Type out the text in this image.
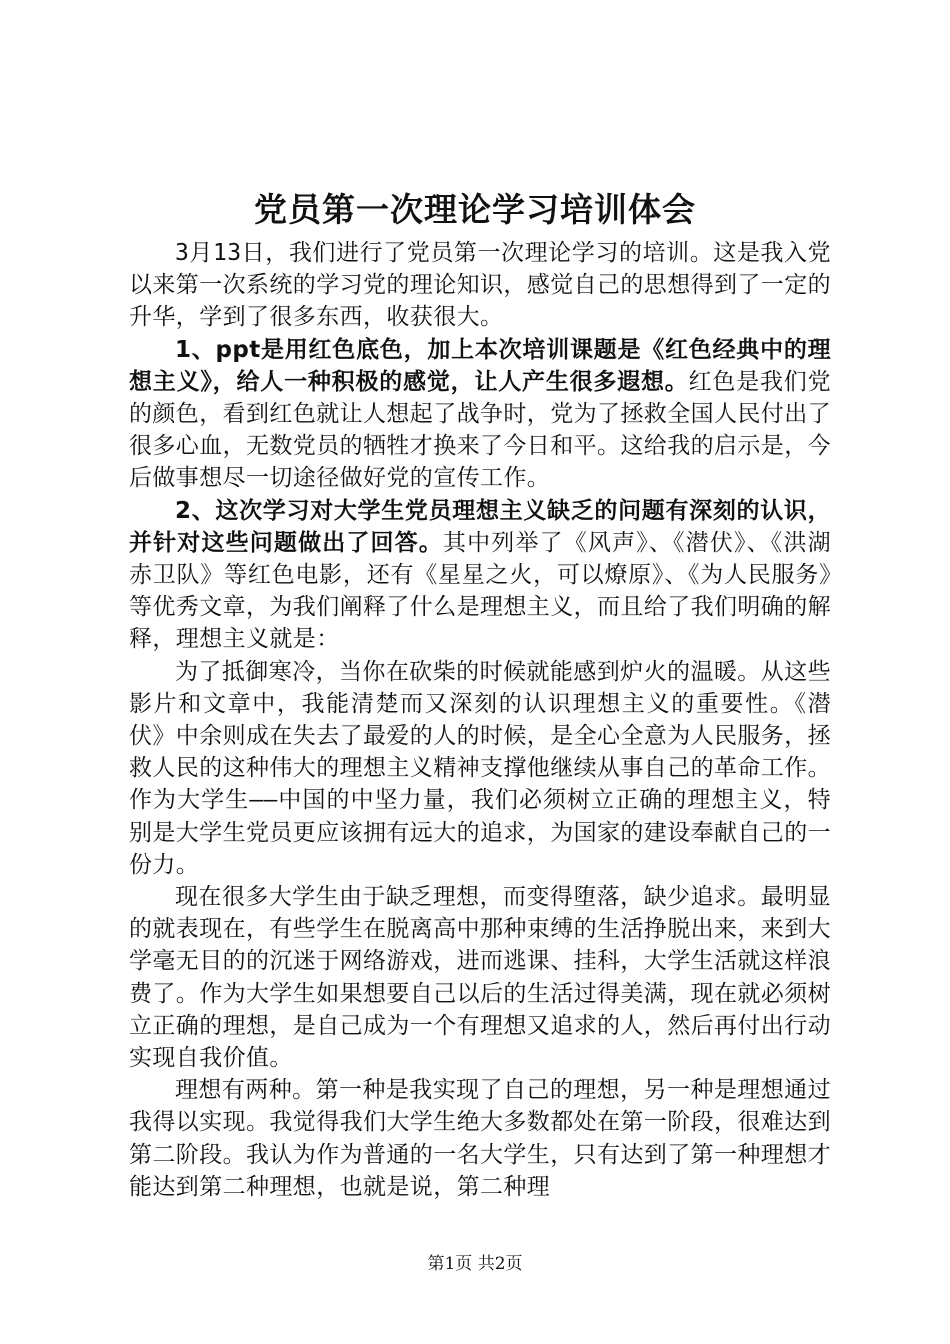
党员第一次理论学习培训体会

3月13日，我们进行了党员第一次理论学习的培训。这是我入党以来第一次系统的学习党的理论知识，感觉自己的思想得到了一定的升华，学到了很多东西，收获很大。

1、ppt是用红色底色，加上本次培训课题是《红色经典中的理想主义》，给人一种积极的感觉，让人产生很多遐想。红色是我们党的颜色，看到红色就让人想起了战争时，党为了拯救全国人民付出了很多心血，无数党员的牺牲才换来了今日和平。这给我的启示是，今后做事想尽一切途径做好党的宣传工作。

2、这次学习对大学生党员理想主义缺乏的问题有深刻的认识，并针对这些问题做出了回答。其中列举了《风声》、《潜伏》、《洪湖赤卫队》等红色电影，还有《星星之火，可以燎原》、《为人民服务》等优秀文章，为我们阐释了什么是理想主义，而且给了我们明确的解释，理想主义就是：

为了抵御寒冷，当你在砍柴的时候就能感到炉火的温暖。从这些影片和文章中，我能清楚而又深刻的认识理想主义的重要性。《潜伏》中余则成在失去了最爱的人的时候，是全心全意为人民服务，拯救人民的这种伟大的理想主义精神支撑他继续从事自己的革命工作。作为大学生——中国的中坚力量，我们必须树立正确的理想主义，特别是大学生党员更应该拥有远大的追求，为国家的建设奉献自己的一份力。

现在很多大学生由于缺乏理想，而变得堕落，缺少追求。最明显的就表现在，有些学生在脱离高中那种束缚的生活挣脱出来，来到大学毫无目的的沉迷于网络游戏，进而逃课、挂科，大学生活就这样浪费了。作为大学生如果想要自己以后的生活过得美满，现在就必须树立正确的理想，是自己成为一个有理想又追求的人，然后再付出行动实现自我价值。

理想有两种。第一种是我实现了自己的理想，另一种是理想通过我得以实现。我觉得我们大学生绝大多数都处在第一阶段，很难达到第二阶段。我认为作为普通的一名大学生，只有达到了第一种理想才能达到第二种理想，也就是说，第二种理

第1页 共2页
